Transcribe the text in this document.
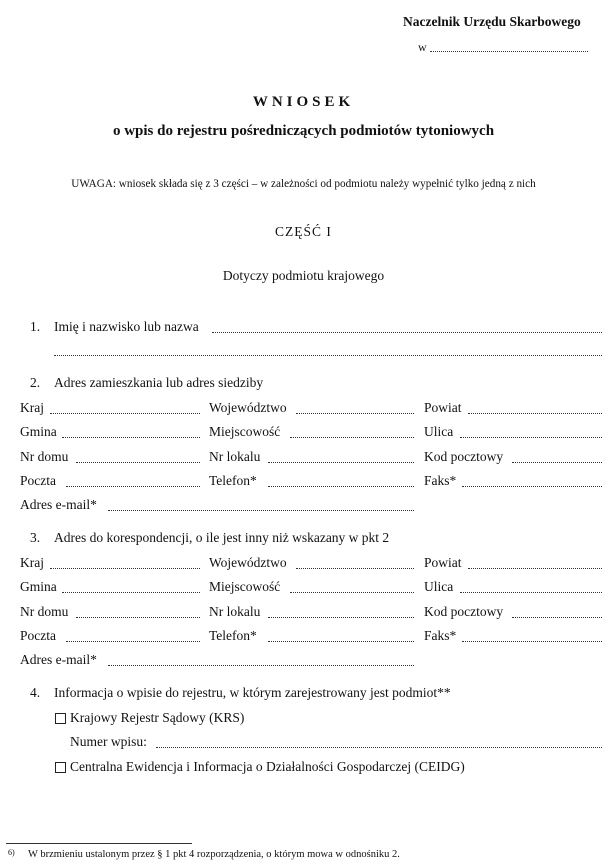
Naczelnik Urzędu Skarbowego
w
WNIOSEK
o wpis do rejestru pośredniczących podmiotów tytoniowych
UWAGA: wniosek składa się z 3 części – w zależności od podmiotu należy wypełnić tylko jedną z nich
CZĘŚĆ I
Dotyczy podmiotu krajowego
1. Imię i nazwisko lub nazwa
2. Adres zamieszkania lub adres siedziby
Kraj	Województwo	Powiat
Gmina	Miejscowość	Ulica
Nr domu	Nr lokalu	Kod pocztowy
Poczta	Telefon*	Faks*
Adres e-mail*
3. Adres do korespondencji, o ile jest inny niż wskazany w pkt 2
Kraj	Województwo	Powiat
Gmina	Miejscowość	Ulica
Nr domu	Nr lokalu	Kod pocztowy
Poczta	Telefon*	Faks*
Adres e-mail*
4. Informacja o wpisie do rejestru, w którym zarejestrowany jest podmiot**
Krajowy Rejestr Sądowy (KRS)
Numer wpisu:
Centralna Ewidencja i Informacja o Działalności Gospodarczej (CEIDG)
6) W brzmieniu ustalonym przez § 1 pkt 4 rozporządzenia, o którym mowa w odnośniku 2.
